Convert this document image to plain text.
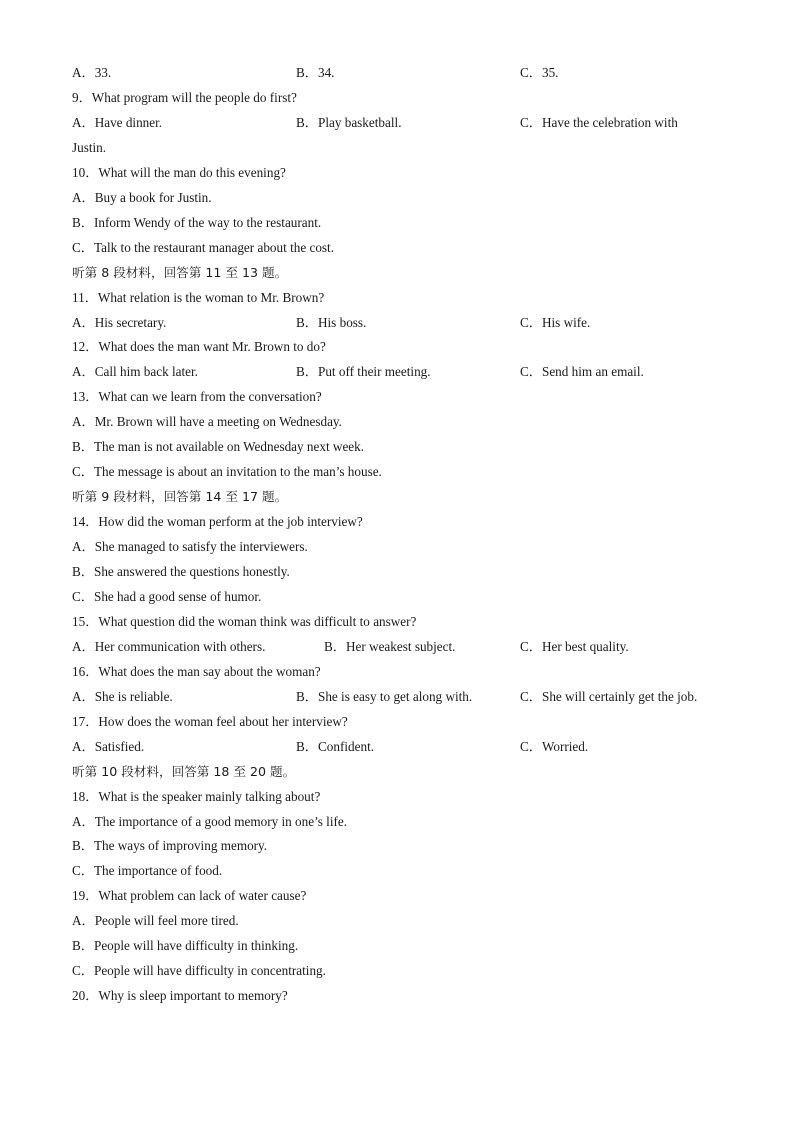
A．33.	B．34.	C．35.
9．What program will the people do first?
A．Have dinner.	B．Play basketball.	C．Have the celebration with
Justin.
10．What will the man do this evening?
A．Buy a book for Justin.
B．Inform Wendy of the way to the restaurant.
C．Talk to the restaurant manager about the cost.
听第 8 段材料，回答第 11 至 13 题。
11．What relation is the woman to Mr. Brown?
A．His secretary.	B．His boss.	C．His wife.
12．What does the man want Mr. Brown to do?
A．Call him back later.	B．Put off their meeting.	C．Send him an email.
13．What can we learn from the conversation?
A．Mr. Brown will have a meeting on Wednesday.
B．The man is not available on Wednesday next week.
C．The message is about an invitation to the man’s house.
听第 9 段材料，回答第 14 至 17 题。
14．How did the woman perform at the job interview?
A．She managed to satisfy the interviewers.
B．She answered the questions honestly.
C．She had a good sense of humor.
15．What question did the woman think was difficult to answer?
A．Her communication with others.	B．Her weakest subject.	C．Her best quality.
16．What does the man say about the woman?
A．She is reliable.	B．She is easy to get along with.	C．She will certainly get the job.
17．How does the woman feel about her interview?
A．Satisfied.	B．Confident.	C．Worried.
听第 10 段材料，回答第 18 至 20 题。
18．What is the speaker mainly talking about?
A．The importance of a good memory in one’s life.
B．The ways of improving memory.
C．The importance of food.
19．What problem can lack of water cause?
A．People will feel more tired.
B．People will have difficulty in thinking.
C．People will have difficulty in concentrating.
20．Why is sleep important to memory?
